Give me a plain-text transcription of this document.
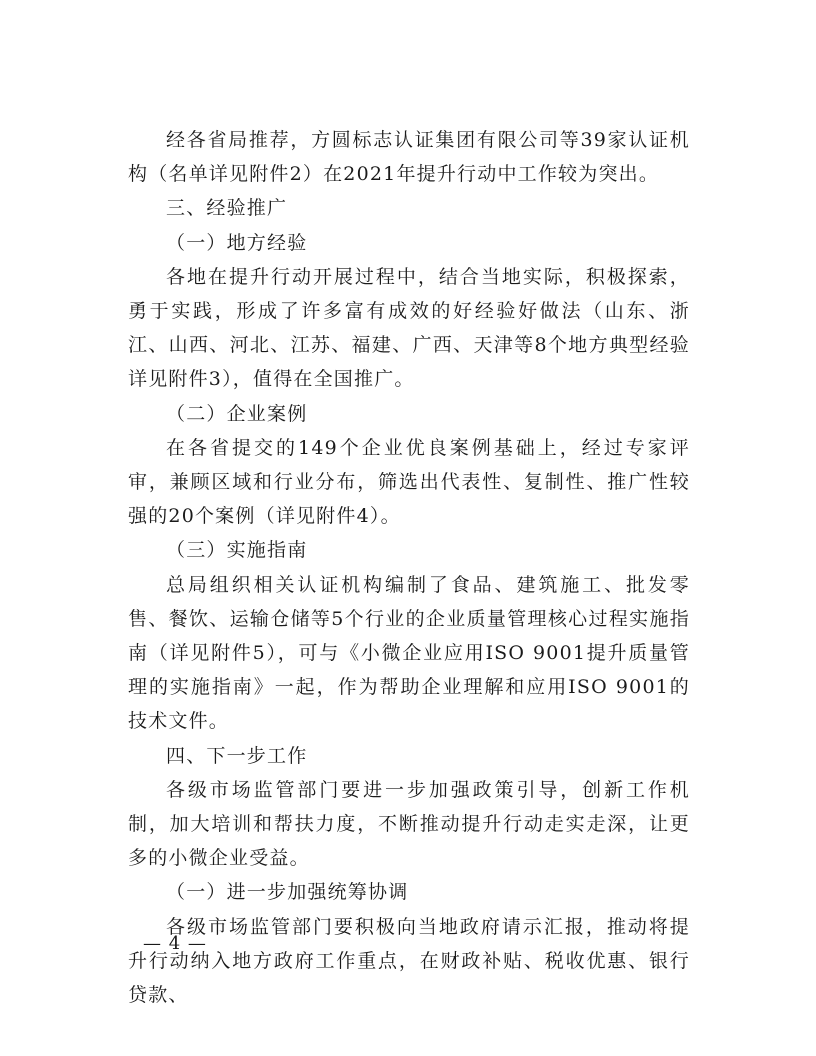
经各省局推荐，方圆标志认证集团有限公司等39家认证机构（名单详见附件2）在2021年提升行动中工作较为突出。

三、经验推广

（一）地方经验

各地在提升行动开展过程中，结合当地实际，积极探索，勇于实践，形成了许多富有成效的好经验好做法（山东、浙江、山西、河北、江苏、福建、广西、天津等8个地方典型经验详见附件3），值得在全国推广。

（二）企业案例

在各省提交的149个企业优良案例基础上，经过专家评审，兼顾区域和行业分布，筛选出代表性、复制性、推广性较强的20个案例（详见附件4）。

（三）实施指南

总局组织相关认证机构编制了食品、建筑施工、批发零售、餐饮、运输仓储等5个行业的企业质量管理核心过程实施指南（详见附件5），可与《小微企业应用ISO 9001提升质量管理的实施指南》一起，作为帮助企业理解和应用ISO 9001的技术文件。

四、下一步工作

各级市场监管部门要进一步加强政策引导，创新工作机制，加大培训和帮扶力度，不断推动提升行动走实走深，让更多的小微企业受益。

（一）进一步加强统筹协调

各级市场监管部门要积极向当地政府请示汇报，推动将提升行动纳入地方政府工作重点，在财政补贴、税收优惠、银行贷款、

— 4 —
